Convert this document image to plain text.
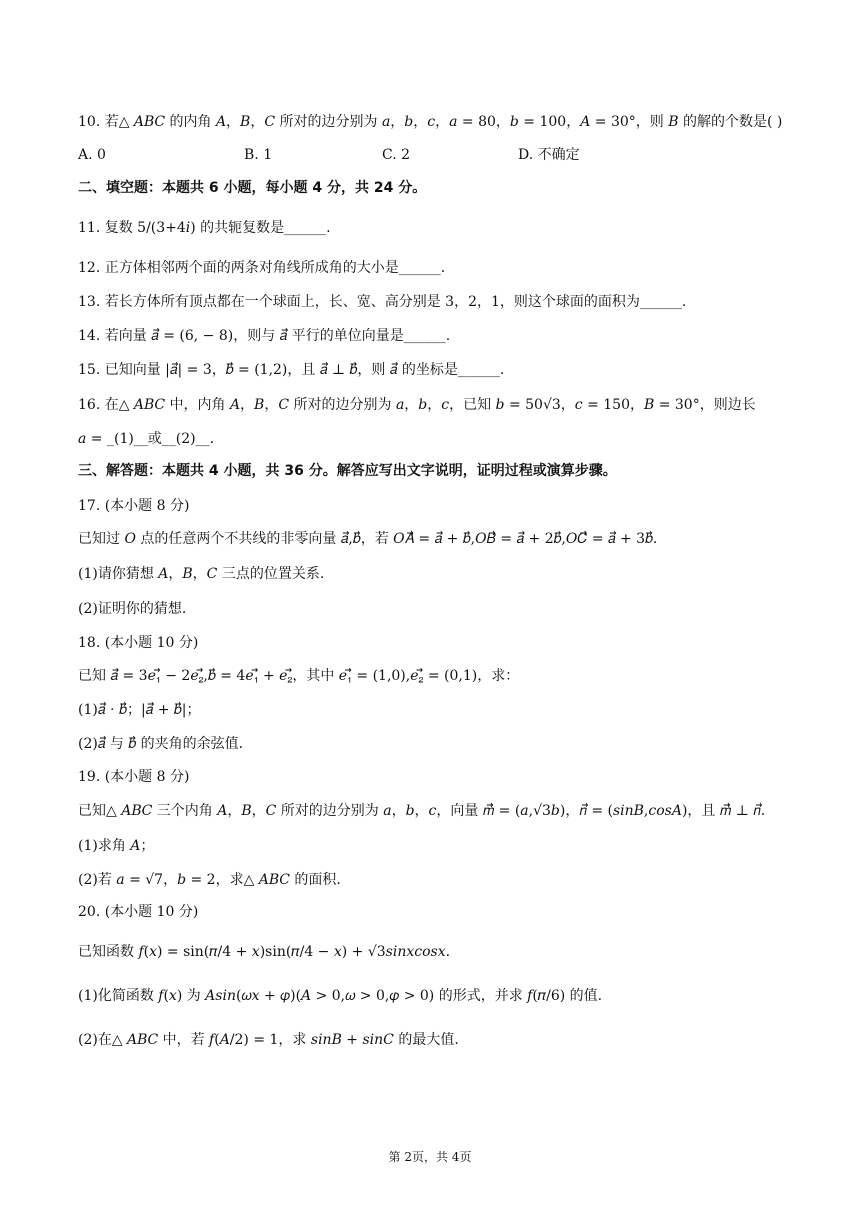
10. 若△ 𝐴𝐵𝐶 的内角 𝐴，𝐵，𝐶 所对的边分别为 𝑎，𝑏，𝑐，𝑎 = 80，𝑏 = 100，𝐴 = 30°，则 𝐵 的解的个数是( )
A. 0	B. 1	C. 2	D. 不确定
二、填空题：本题共 6 小题，每小题 4 分，共 24 分。
11. 复数 5/(3+4𝑖) 的共轭复数是______.
12. 正方体相邻两个面的两条对角线所成角的大小是______.
13. 若长方体所有顶点都在一个球面上，长、宽、高分别是 3，2，1，则这个球面的面积为______.
14. 若向量 𝑎⃗ = (6, − 8)，则与 𝑎⃗ 平行的单位向量是______.
15. 已知向量 |𝑎⃗| = 3，𝑏⃗ = (1,2)，且 𝑎⃗ ⊥ 𝑏⃗，则 𝑎⃗ 的坐标是______.
16. 在△ 𝐴𝐵𝐶 中，内角 𝐴，𝐵，𝐶 所对的边分别为 𝑎，𝑏，𝑐，已知 𝑏 = 50√3，𝑐 = 150，𝐵 = 30°，则边长
𝑎 = _(1)__或__(2)__.
三、解答题：本题共 4 小题，共 36 分。解答应写出文字说明，证明过程或演算步骤。
17. (本小题 8 分)
已知过 𝑂 点的任意两个不共线的非零向量 𝑎⃗,𝑏⃗，若 𝑂𝐴⃗⃗ = 𝑎⃗ + 𝑏⃗,𝑂𝐵⃗⃗ = 𝑎⃗ + 2𝑏⃗,𝑂𝐶⃗⃗ = 𝑎⃗ + 3𝑏⃗.
(1)请你猜想 𝐴，𝐵，𝐶 三点的位置关系.
(2)证明你的猜想.
18. (本小题 10 分)
已知 𝑎⃗ = 3𝑒₁⃗ − 2𝑒₂⃗,𝑏⃗ = 4𝑒₁⃗ + 𝑒₂⃗，其中 𝑒₁⃗ = (1,0),𝑒₂⃗ = (0,1)，求：
(1)𝑎⃗ ⋅ 𝑏⃗；|𝑎⃗ + 𝑏⃗|；
(2)𝑎⃗ 与 𝑏⃗ 的夹角的余弦值.
19. (本小题 8 分)
已知△ 𝐴𝐵𝐶 三个内角 𝐴，𝐵，𝐶 所对的边分别为 𝑎，𝑏，𝑐，向量 𝑚⃗⃗ = (𝑎,√3𝑏)，𝑛⃗ = (𝑠𝑖𝑛𝐵,𝑐𝑜𝑠𝐴)，且 𝑚⃗⃗ ⊥ 𝑛⃗.
(1)求角 𝐴；
(2)若 𝑎 = √7，𝑏 = 2，求△ 𝐴𝐵𝐶 的面积.
20. (本小题 10 分)
已知函数 𝑓(𝑥) = sin(𝜋/4 + 𝑥)sin(𝜋/4 − 𝑥) + √3𝑠𝑖𝑛𝑥𝑐𝑜𝑠𝑥.
(1)化简函数 𝑓(𝑥) 为 𝐴𝑠𝑖𝑛(𝜔𝑥 + 𝜑)(𝐴 > 0,𝜔 > 0,𝜑 > 0) 的形式，并求 𝑓(𝜋/6) 的值.
(2)在△ 𝐴𝐵𝐶 中，若 𝑓(𝐴/2) = 1，求 𝑠𝑖𝑛𝐵 + 𝑠𝑖𝑛𝐶 的最大值.
第 2页，共 4页
